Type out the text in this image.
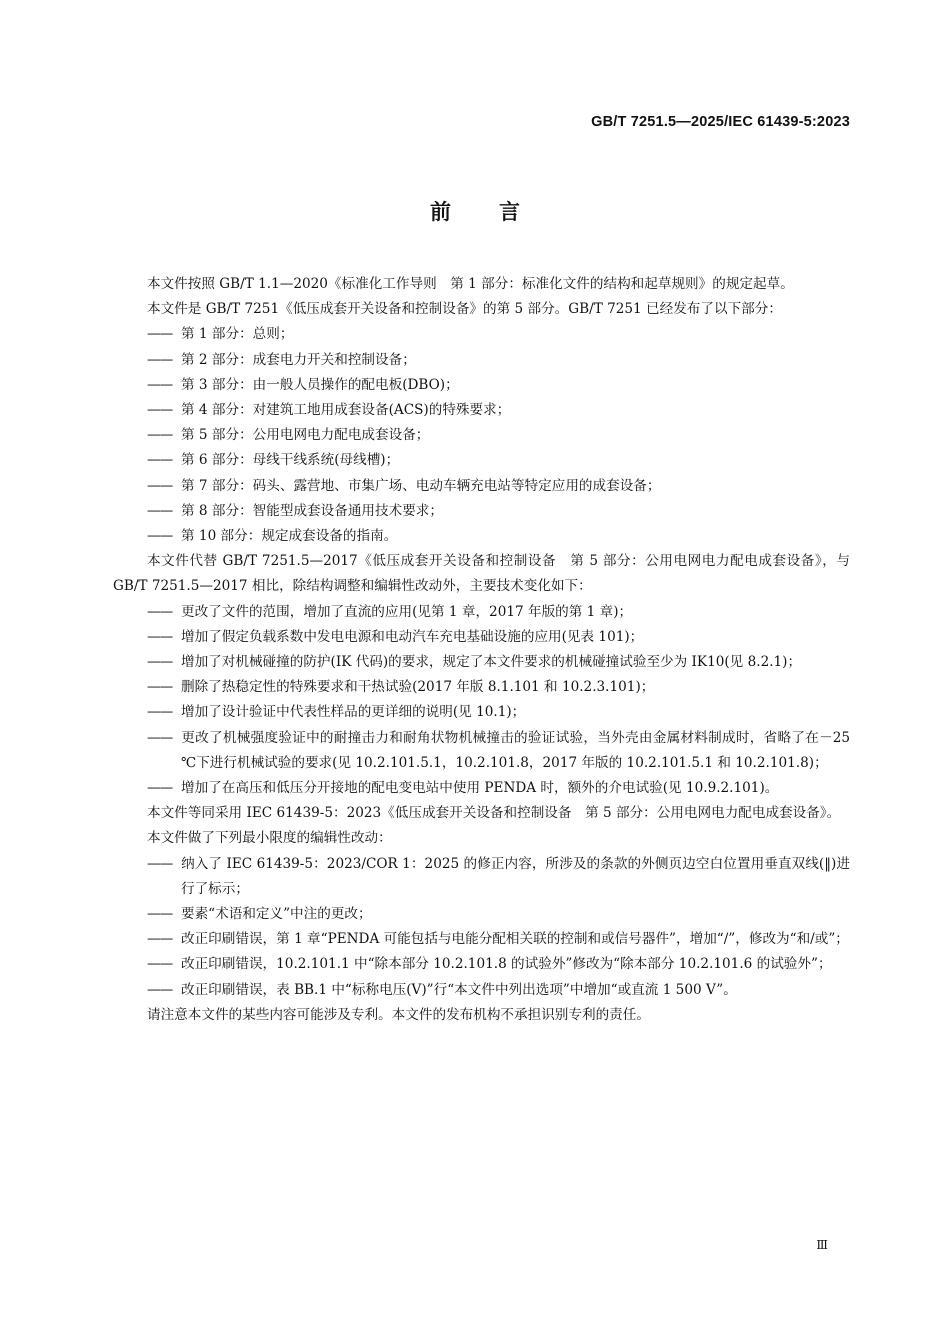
GB/T 7251.5—2025/IEC 61439-5:2023
前言
本文件按照 GB/T 1.1—2020《标准化工作导则　第 1 部分：标准化文件的结构和起草规则》的规定起草。
本文件是 GB/T 7251《低压成套开关设备和控制设备》的第 5 部分。GB/T 7251 已经发布了以下部分：
—— 第 1 部分：总则；
—— 第 2 部分：成套电力开关和控制设备；
—— 第 3 部分：由一般人员操作的配电板(DBO)；
—— 第 4 部分：对建筑工地用成套设备(ACS)的特殊要求；
—— 第 5 部分：公用电网电力配电成套设备；
—— 第 6 部分：母线干线系统(母线槽)；
—— 第 7 部分：码头、露营地、市集广场、电动车辆充电站等特定应用的成套设备；
—— 第 8 部分：智能型成套设备通用技术要求；
—— 第 10 部分：规定成套设备的指南。
本文件代替 GB/T 7251.5—2017《低压成套开关设备和控制设备　第 5 部分：公用电网电力配电成套设备》，与 GB/T 7251.5—2017 相比，除结构调整和编辑性改动外，主要技术变化如下：
—— 更改了文件的范围，增加了直流的应用(见第 1 章，2017 年版的第 1 章)；
—— 增加了假定负载系数中发电电源和电动汽车充电基础设施的应用(见表 101)；
—— 增加了对机械碰撞的防护(IK 代码)的要求，规定了本文件要求的机械碰撞试验至少为 IK10(见 8.2.1)；
—— 删除了热稳定性的特殊要求和干热试验(2017 年版 8.1.101 和 10.2.3.101)；
—— 增加了设计验证中代表性样品的更详细的说明(见 10.1)；
—— 更改了机械强度验证中的耐撞击力和耐角状物机械撞击的验证试验，当外壳由金属材料制成时，省略了在－25 ℃下进行机械试验的要求(见 10.2.101.5.1，10.2.101.8，2017 年版的 10.2.101.5.1 和 10.2.101.8)；
—— 增加了在高压和低压分开接地的配电变电站中使用 PENDA 时，额外的介电试验(见 10.9.2.101)。
本文件等同采用 IEC 61439-5：2023《低压成套开关设备和控制设备　第 5 部分：公用电网电力配电成套设备》。
本文件做了下列最小限度的编辑性改动：
—— 纳入了 IEC 61439-5：2023/COR 1：2025 的修正内容，所涉及的条款的外侧页边空白位置用垂直双线(‖)进行了标示；
—— 要素“术语和定义”中注的更改；
—— 改正印刷错误，第 1 章“PENDA 可能包括与电能分配相关联的控制和或信号器件”，增加“/”，修改为“和/或”；
—— 改正印刷错误，10.2.101.1 中“除本部分 10.2.101.8 的试验外”修改为“除本部分 10.2.101.6 的试验外”；
—— 改正印刷错误，表 BB.1 中“标称电压(V)”行“本文件中列出选项”中增加“或直流 1 500 V”。
请注意本文件的某些内容可能涉及专利。本文件的发布机构不承担识别专利的责任。
Ⅲ
